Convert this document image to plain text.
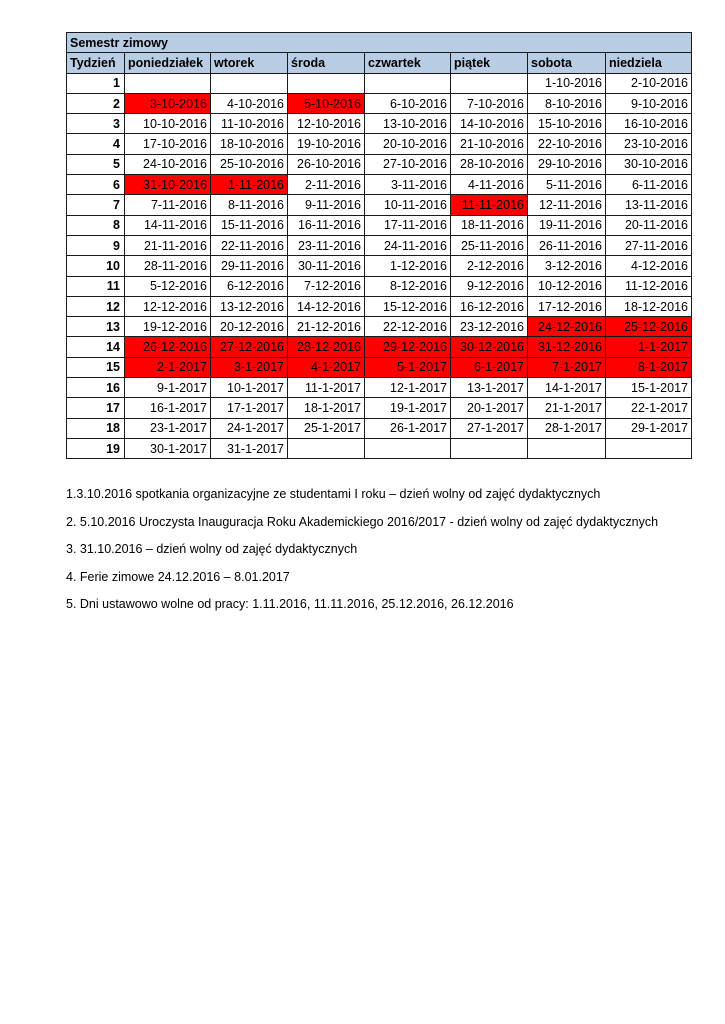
Semestr zimowy							
Tydzień	poniedziałek	wtorek	środa	czwartek	piątek	sobota	niedziela
1						1-10-2016	2-10-2016
2	3-10-2016	4-10-2016	5-10-2016	6-10-2016	7-10-2016	8-10-2016	9-10-2016
3	10-10-2016	11-10-2016	12-10-2016	13-10-2016	14-10-2016	15-10-2016	16-10-2016
4	17-10-2016	18-10-2016	19-10-2016	20-10-2016	21-10-2016	22-10-2016	23-10-2016
5	24-10-2016	25-10-2016	26-10-2016	27-10-2016	28-10-2016	29-10-2016	30-10-2016
6	31-10-2016	1-11-2016	2-11-2016	3-11-2016	4-11-2016	5-11-2016	6-11-2016
7	7-11-2016	8-11-2016	9-11-2016	10-11-2016	11-11-2016	12-11-2016	13-11-2016
8	14-11-2016	15-11-2016	16-11-2016	17-11-2016	18-11-2016	19-11-2016	20-11-2016
9	21-11-2016	22-11-2016	23-11-2016	24-11-2016	25-11-2016	26-11-2016	27-11-2016
10	28-11-2016	29-11-2016	30-11-2016	1-12-2016	2-12-2016	3-12-2016	4-12-2016
11	5-12-2016	6-12-2016	7-12-2016	8-12-2016	9-12-2016	10-12-2016	11-12-2016
12	12-12-2016	13-12-2016	14-12-2016	15-12-2016	16-12-2016	17-12-2016	18-12-2016
13	19-12-2016	20-12-2016	21-12-2016	22-12-2016	23-12-2016	24-12-2016	25-12-2016
14	26-12-2016	27-12-2016	28-12-2016	29-12-2016	30-12-2016	31-12-2016	1-1-2017
15	2-1-2017	3-1-2017	4-1-2017	5-1-2017	6-1-2017	7-1-2017	8-1-2017
16	9-1-2017	10-1-2017	11-1-2017	12-1-2017	13-1-2017	14-1-2017	15-1-2017
17	16-1-2017	17-1-2017	18-1-2017	19-1-2017	20-1-2017	21-1-2017	22-1-2017
18	23-1-2017	24-1-2017	25-1-2017	26-1-2017	27-1-2017	28-1-2017	29-1-2017
19	30-1-2017	31-1-2017					

1.3.10.2016 spotkania organizacyjne ze studentami I roku – dzień wolny od zajęć dydaktycznych

2. 5.10.2016 Uroczysta Inauguracja Roku Akademickiego 2016/2017 - dzień wolny od zajęć dydaktycznych

3. 31.10.2016 – dzień wolny od zajęć dydaktycznych

4. Ferie zimowe 24.12.2016 – 8.01.2017

5. Dni ustawowo wolne od pracy: 1.11.2016, 11.11.2016, 25.12.2016, 26.12.2016
